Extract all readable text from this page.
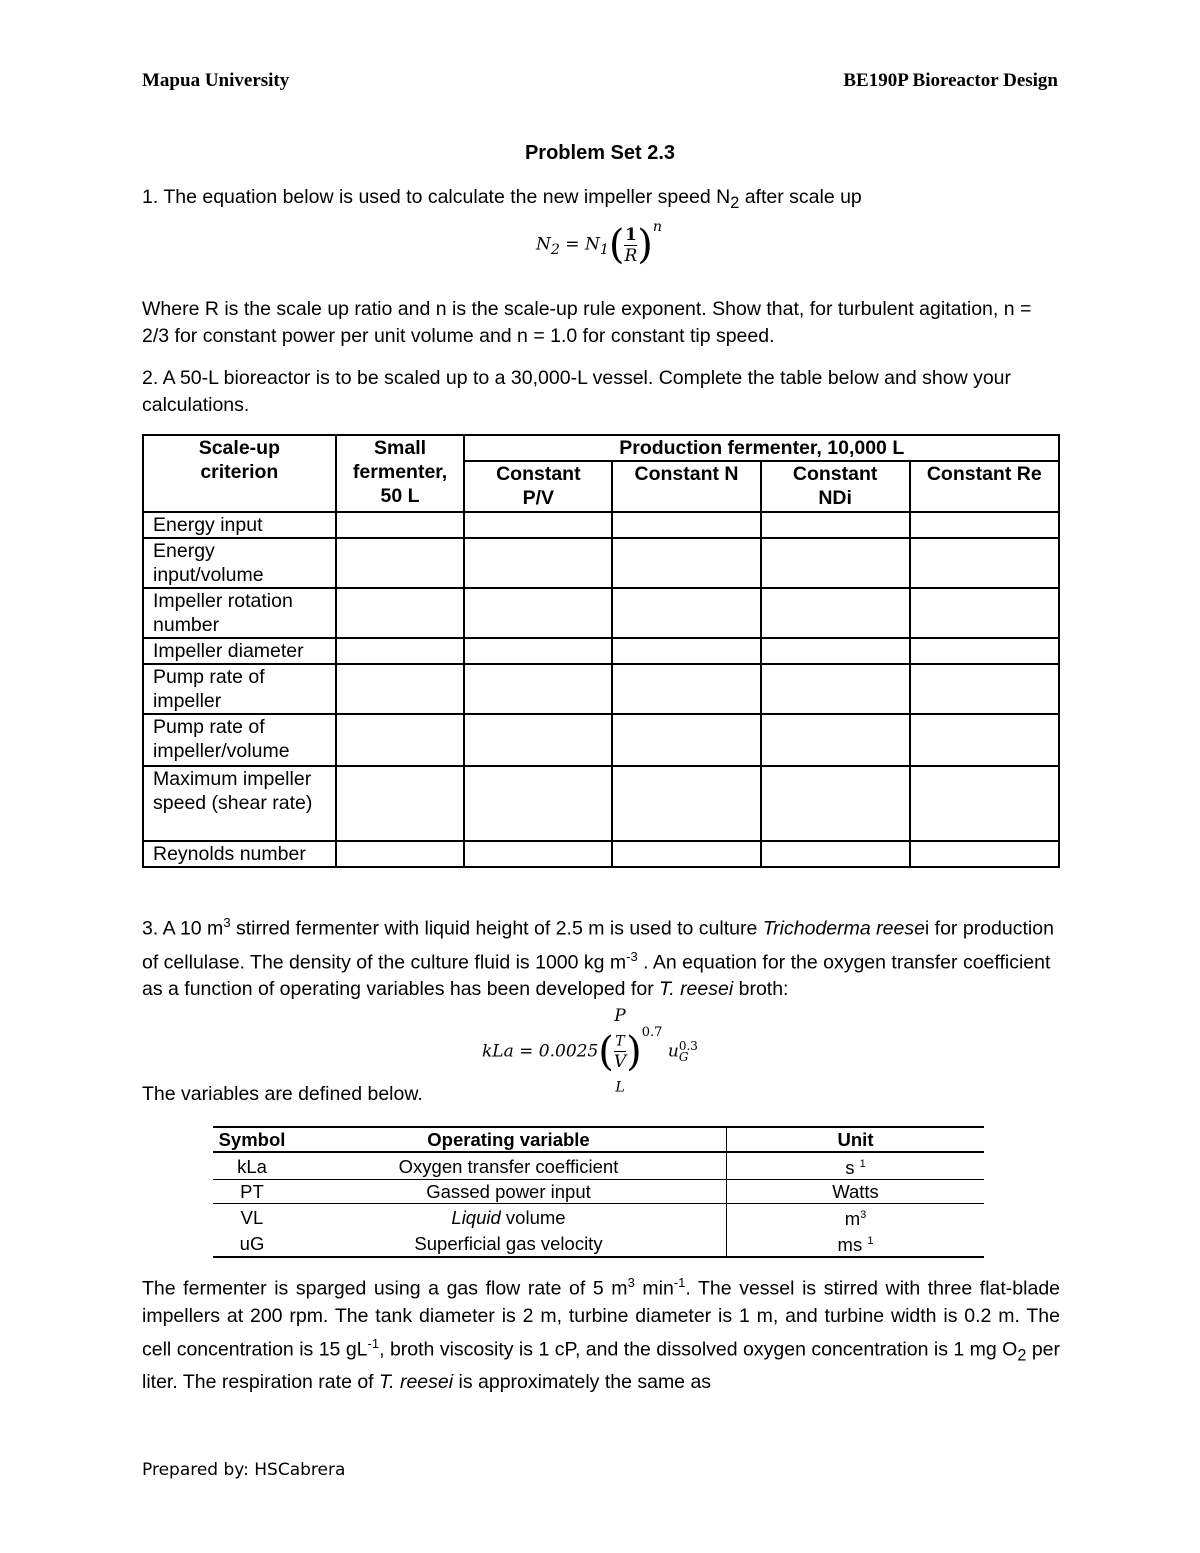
Mapua University	BE190P Bioreactor Design
Problem Set 2.3

1. The equation below is used to calculate the new impeller speed $N_2$ after scale up

$N_2 = N_1( \frac{1}{R} )^n$

Where R is the scale up ratio and n is the scale-up rule exponent. Show that, for turbulent agitation, n = 2/3 for constant power per unit volume and n = 1.0 for constant tip speed.

2. A 50-L bioreactor is to be scaled up to a 30,000-L vessel. Complete the table below and show your calculations.

Scale-up criterion	Small fermenter, 50 L	Production fermenter, 10,000 L			
		Constant P/V	Constant N	Constant NDi	Constant Re
Energy input					
Energy input/volume					
Impeller rotation number					
Impeller diameter					
Pump rate of impeller					
Pump rate of impeller/volume					
Maximum impeller speed (shear rate)					
Reynolds number					

3. A 10 $m^3$ stirred fermenter with liquid height of 2.5 m is used to culture Trichoderma reesei for production of cellulase. The density of the culture fluid is 1000 kg $m^{-3}$ . An equation for the oxygen transfer coefficient as a function of operating variables has been developed for T. reesei broth:

kLa = 0.0025( P
$_T$
V
$_L$ )$^{0.7}$ u 0.3
G

The variables are defined below.

Symbol	Operating variable	Unit
kLa	Oxygen transfer coefficient	s $^1$
PT	Gassed power input	Watts
VL	Liquid volume	$m^3$
uG	Superficial gas velocity	ms $^1$

The fermenter is sparged using a gas flow rate of 5 $m^3$ $\min^{-1}$. The vessel is stirred with three flat-blade impellers at 200 rpm. The tank diameter is 2 m, turbine diameter is 1 m, and turbine width is 0.2 m. The cell concentration is 15 $gL^{-1}$, broth viscosity is 1 cP, and the dissolved oxygen concentration is 1 mg $O_2$ per liter. The respiration rate of T. reesei is approximately the same as

Prepared by: HSCabrera
